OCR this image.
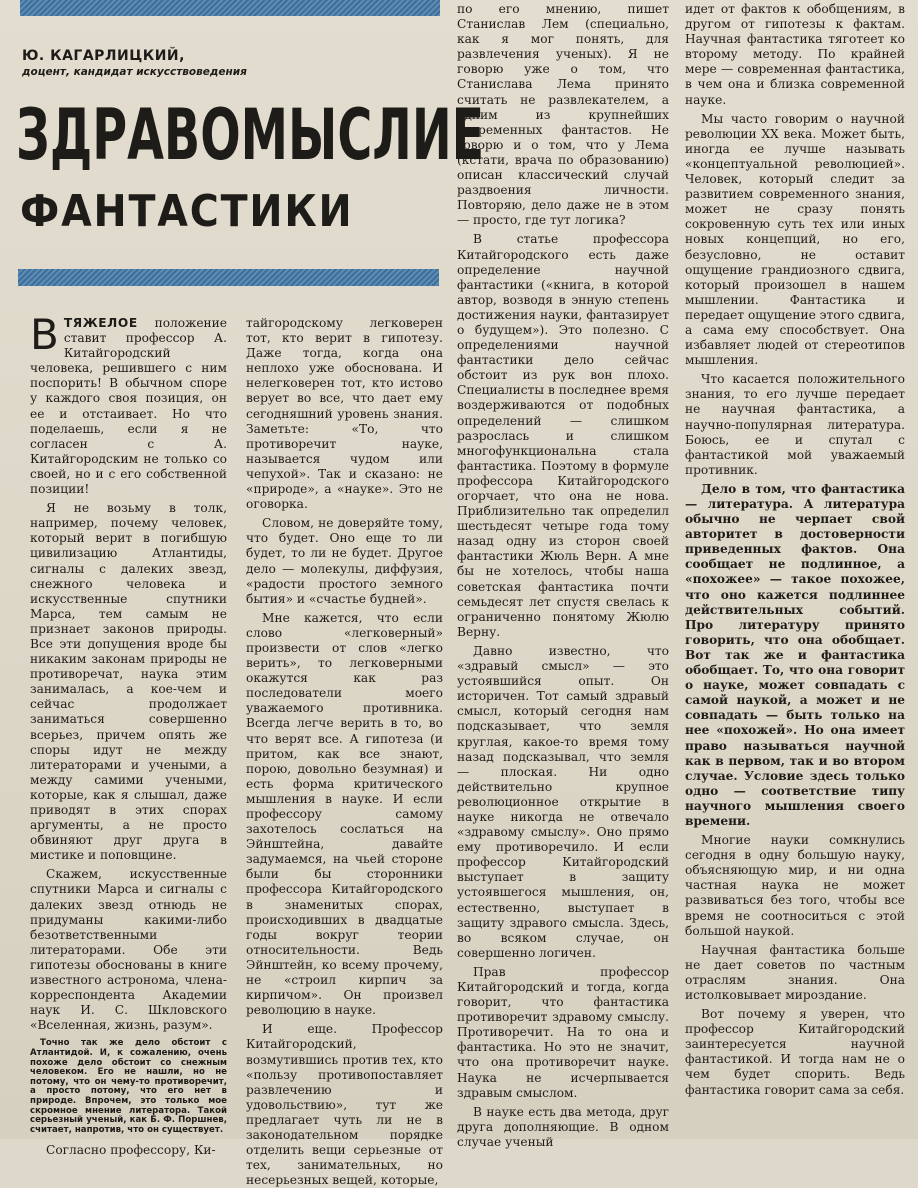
Ю. КАГАРЛИЦКИЙ,
доцент, кандидат искусствоведения
ЗДРАВОМЫСЛИЕ
ФАНТАСТИКИ

ВТЯЖЕЛОЕ положение ставит профессор А. Китайгородский человека, решившего с ним поспорить! В обычном споре у каждого своя позиция, он ее и отстаивает. Но что поделаешь, если я не согласен с А. Китайгородским не только со своей, но и с его собственной позиции!

Я не возьму в толк, например, почему человек, который верит в погибшую цивилизацию Атлантиды, сигналы с далеких звезд, снежного человека и искусственные спутники Марса, тем самым не признает законов природы. Все эти допущения вроде бы никаким законам природы не противоречат, наука этим занималась, а кое-чем и сейчас продолжает заниматься совершенно всерьез, причем опять же споры идут не между литераторами и учеными, а между самими учеными, которые, как я слышал, даже приводят в этих спорах аргументы, а не просто обвиняют друг друга в мистике и поповщине.

Скажем, искусственные спутники Марса и сигналы с далеких звезд отнюдь не придуманы какими-либо безответственными литераторами. Обе эти гипотезы обоснованы в книге известного астронома, члена-корреспондента Академии наук И. С. Шкловского «Вселенная, жизнь, разум».

Точно так же дело обстоит с Атлантидой. И, к сожалению, очень похоже дело обстоит со снежным человеком. Его не нашли, но не потому, что он чему-то противоречит, а просто потому, что его нет в природе. Впрочем, это только мое скромное мнение литератора. Такой серьезный ученый, как Б. Ф. Поршнев, считает, напротив, что он существует.

Согласно профессору, Ки-

тайгородскому легковерен тот, кто верит в гипотезу. Даже тогда, когда она неплохо уже обоснована. И нелегковерен тот, кто истово верует во все, что дает ему сегодняшний уровень знания. Заметьте: «То, что противоречит науке, называется чудом или чепухой». Так и сказано: не «природе», а «науке». Это не оговорка.

Словом, не доверяйте тому, что будет. Оно еще то ли будет, то ли не будет. Другое дело — молекулы, диффузия, «радости простого земного бытия» и «счастье будней».

Мне кажется, что если слово «легковерный» произвести от слов «легко верить», то легковерными окажутся как раз последователи моего уважаемого противника. Всегда легче верить в то, во что верят все. А гипотеза (и притом, как все знают, порою, довольно безумная) и есть форма критического мышления в науке. И если профессору самому захотелось сослаться на Эйнштейна, давайте задумаемся, на чьей стороне были бы сторонники профессора Китайгородского в знаменитых спорах, происходивших в двадцатые годы вокруг теории относительности. Ведь Эйнштейн, ко всему прочему, не «строил кирпич за кирпичом». Он произвел революцию в науке.

И еще. Профессор Китайгородский, возмутившись против тех, кто «пользу противопоставляет развлечению и удовольствию», тут же предлагает чуть ли не в законодательном порядке отделить вещи серьезные от тех, занимательных, но несерьезных вещей, которые,

по его мнению, пишет Станислав Лем (специально, как я мог понять, для развлечения ученых). Я не говорю уже о том, что Станислава Лема принято считать не развлекателем, а одним из крупнейших современных фантастов. Не говорю и о том, что у Лема (кстати, врача по образованию) описан классический случай раздвоения личности. Повторяю, дело даже не в этом — просто, где тут логика?

В статье профессора Китайгородского есть даже определение научной фантастики («книга, в которой автор, возводя в энную степень достижения науки, фантазирует о будущем»). Это полезно. С определениями научной фантастики дело сейчас обстоит из рук вон плохо. Специалисты в последнее время воздерживаются от подобных определений — слишком разрослась и слишком многофункциональна стала фантастика. Поэтому в формуле профессора Китайгородского огорчает, что она не нова. Приблизительно так определил шестьдесят четыре года тому назад одну из сторон своей фантастики Жюль Верн. А мне бы не хотелось, чтобы наша советская фантастика почти семьдесят лет спустя свелась к ограниченно понятому Жюлю Верну.

Давно известно, что «здравый смысл» — это устоявшийся опыт. Он историчен. Тот самый здравый смысл, который сегодня нам подсказывает, что земля круглая, какое-то время тому назад подсказывал, что земля — плоская. Ни одно действительно крупное революционное открытие в науке никогда не отвечало «здравому смыслу». Оно прямо ему противоречило. И если профессор Китайгородский выступает в защиту устоявшегося мышления, он, естественно, выступает в защиту здравого смысла. Здесь, во всяком случае, он совершенно логичен.

Прав профессор Китайгородский и тогда, когда говорит, что фантастика противоречит здравому смыслу. Противоречит. На то она и фантастика. Но это не значит, что она противоречит науке. Наука не исчерпывается здравым смыслом.

В науке есть два метода, друг друга дополняющие. В одном случае ученый

идет от фактов к обобщениям, в другом от гипотезы к фактам. Научная фантастика тяготеет ко второму методу. По крайней мере — современная фантастика, в чем она и близка современной науке.

Мы часто говорим о научной революции XX века. Может быть, иногда ее лучше называть «концептуальной революцией». Человек, который следит за развитием современного знания, может не сразу понять сокровенную суть тех или иных новых концепций, но его, безусловно, не оставит ощущение грандиозного сдвига, который произошел в нашем мышлении. Фантастика и передает ощущение этого сдвига, а сама ему способствует. Она избавляет людей от стереотипов мышления.

Что касается положительного знания, то его лучше передает не научная фантастика, а научно-популярная литература. Боюсь, ее и спутал с фантастикой мой уважаемый противник.

Дело в том, что фантастика — литература. А литература обычно не черпает свой авторитет в достоверности приведенных фактов. Она сообщает не подлинное, а «похожее» — такое похожее, что оно кажется подлиннее действительных событий. Про литературу принято говорить, что она обобщает. Вот так же и фантастика обобщает. То, что она говорит о науке, может совпадать с самой наукой, а может и не совпадать — быть только на нее «похожей». Но она имеет право называться научной как в первом, так и во втором случае. Условие здесь только одно — соответствие типу научного мышления своего времени.

Многие науки сомкнулись сегодня в одну большую науку, объясняющую мир, и ни одна частная наука не может развиваться без того, чтобы все время не соотноситься с этой большой наукой.

Научная фантастика больше не дает советов по частным отраслям знания. Она истолковывает мироздание.

Вот почему я уверен, что профессор Китайгородский заинтересуется научной фантастикой. И тогда нам не о чем будет спорить. Ведь фантастика говорит сама за себя.
